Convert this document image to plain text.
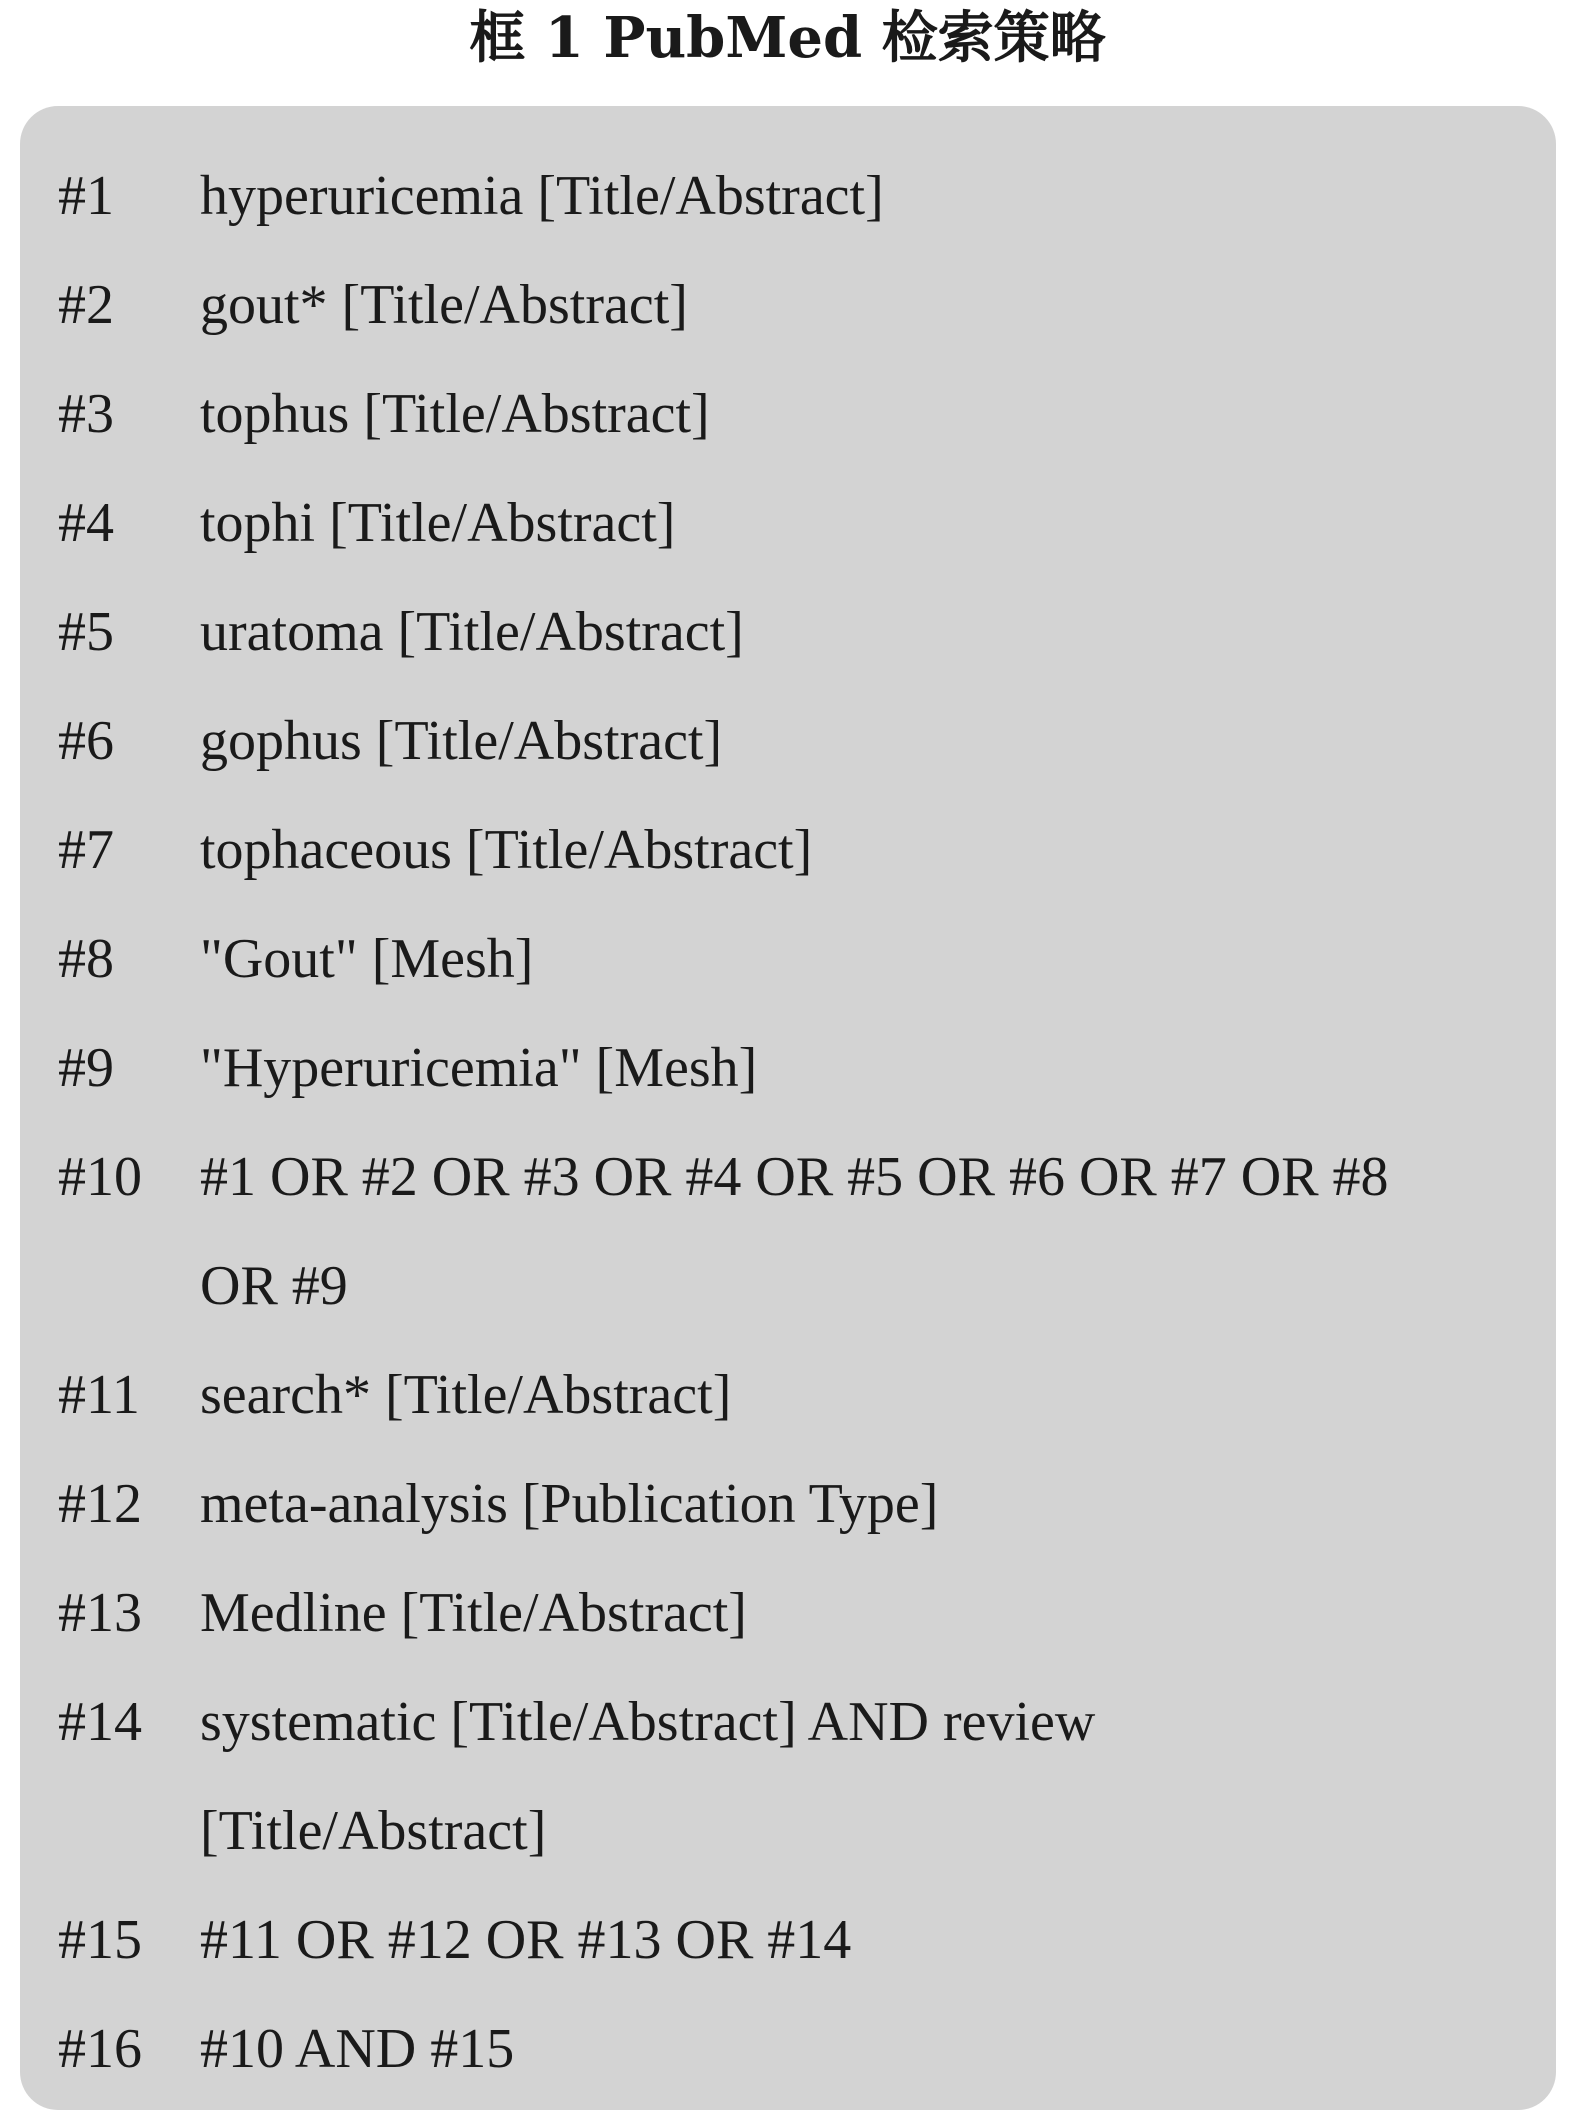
框 1 PubMed 检索策略
#1	hyperuricemia [Title/Abstract]
#2	gout* [Title/Abstract]
#3	tophus [Title/Abstract]
#4	tophi [Title/Abstract]
#5	uratoma [Title/Abstract]
#6	gophus [Title/Abstract]
#7	tophaceous [Title/Abstract]
#8	"Gout" [Mesh]
#9	"Hyperuricemia" [Mesh]
#10	#1 OR #2 OR #3 OR #4 OR #5 OR #6 OR #7 OR #8
OR #9
#11	search* [Title/Abstract]
#12	meta-analysis [Publication Type]
#13	Medline [Title/Abstract]
#14	systematic [Title/Abstract] AND review
[Title/Abstract]
#15	#11 OR #12 OR #13 OR #14
#16	#10 AND #15
